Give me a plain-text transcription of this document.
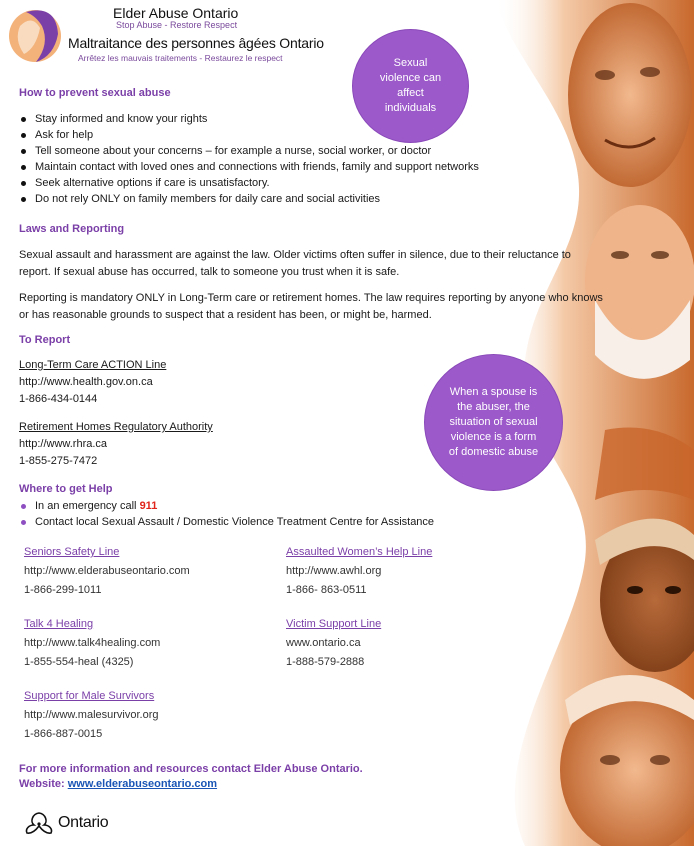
Elder Abuse Ontario
Stop Abuse - Restore Respect
Maltraitance des personnes âgées Ontario
Arrêtez les mauvais traitements - Restaurez le respect	Sexual violence can affect individuals
When a spouse is the abuser, the situation of sexual violence is a form of domestic abuse
How to prevent sexual abuse
Stay informed and know your rights
Ask for help
Tell someone about your concerns – for example a nurse, social worker, or doctor
Maintain contact with loved ones and connections with friends, family and support networks
Seek alternative options if care is unsatisfactory.
Do not rely ONLY on family members for daily care and social activities
Laws and Reporting
Sexual assault and harassment are against the law. Older victims often suffer in silence, due to their reluctance to report. If sexual abuse has occurred, talk to someone you trust when it is safe.
Reporting is mandatory ONLY in Long-Term care or retirement homes. The law requires reporting by anyone who knows or has reasonable grounds to suspect that a resident has been, or might be, harmed.
To Report
Long-Term Care ACTION Line
http://www.health.gov.on.ca
1-866-434-0144
Retirement Homes Regulatory Authority
http://www.rhra.ca
1-855-275-7472
Where to get Help
In an emergency call 911
Contact local Sexual Assault / Domestic Violence Treatment Centre for Assistance
Seniors Safety Line
http://www.elderabuseontario.com
1-866-299-1011
Assaulted Women’s Help Line
http://www.awhl.org
1-866- 863-0511
Talk 4 Healing
http://www.talk4healing.com
1-855-554-heal (4325)
Victim Support Line
www.ontario.ca
1-888-579-2888
Support for Male Survivors
http://www.malesurvivor.org
1-866-887-0015
For more information and resources contact Elder Abuse Ontario.
Website: www.elderabuseontario.com
Ontario
